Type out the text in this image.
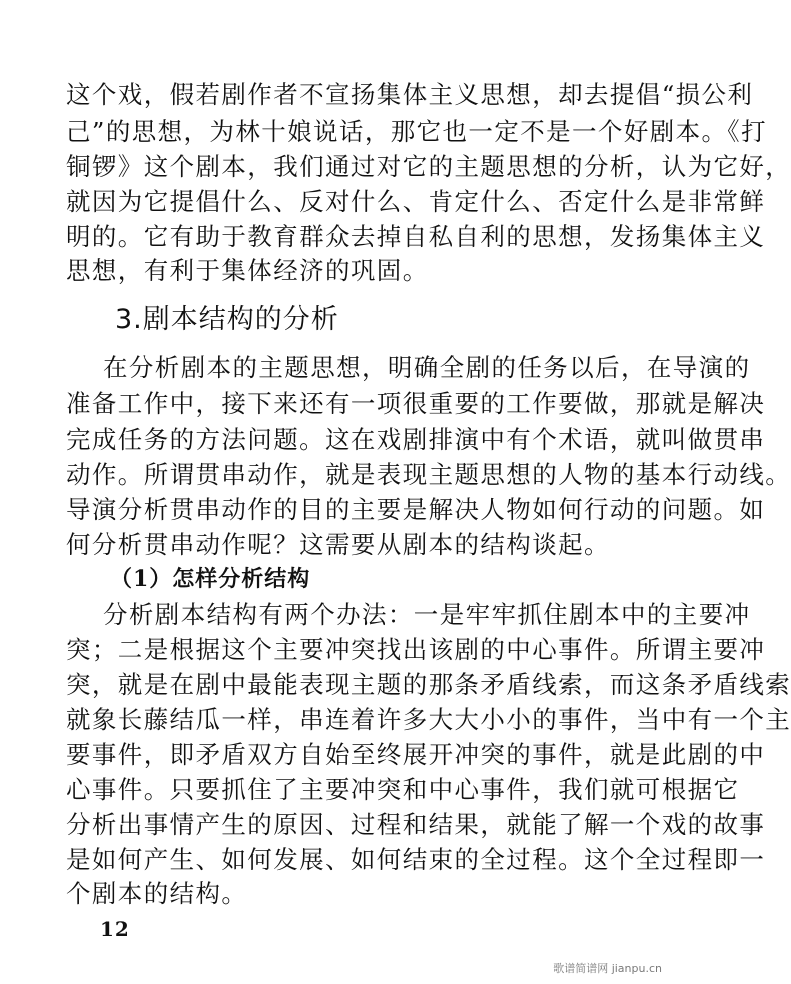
这个戏，假若剧作者不宣扬集体主义思想，却去提倡“损公利
己”的思想，为林十娘说话，那它也一定不是一个好剧本。《打
铜锣》这个剧本，我们通过对它的主题思想的分析，认为它好，
就因为它提倡什么、反对什么、肯定什么、否定什么是非常鲜
明的。它有助于教育群众去掉自私自利的思想，发扬集体主义
思想，有利于集体经济的巩固。
3.剧本结构的分析
在分析剧本的主题思想，明确全剧的任务以后，在导演的
准备工作中，接下来还有一项很重要的工作要做，那就是解决
完成任务的方法问题。这在戏剧排演中有个术语，就叫做贯串
动作。所谓贯串动作，就是表现主题思想的人物的基本行动线。
导演分析贯串动作的目的主要是解决人物如何行动的问题。如
何分析贯串动作呢？这需要从剧本的结构谈起。
（1）怎样分析结构
分析剧本结构有两个办法：一是牢牢抓住剧本中的主要冲
突；二是根据这个主要冲突找出该剧的中心事件。所谓主要冲
突，就是在剧中最能表现主题的那条矛盾线索，而这条矛盾线索
就象长藤结瓜一样，串连着许多大大小小的事件，当中有一个主
要事件，即矛盾双方自始至终展开冲突的事件，就是此剧的中
心事件。只要抓住了主要冲突和中心事件，我们就可根据它
分析出事情产生的原因、过程和结果，就能了解一个戏的故事
是如何产生、如何发展、如何结束的全过程。这个全过程即一
个剧本的结构。
12
歌谱简谱网 jianpu.cn
